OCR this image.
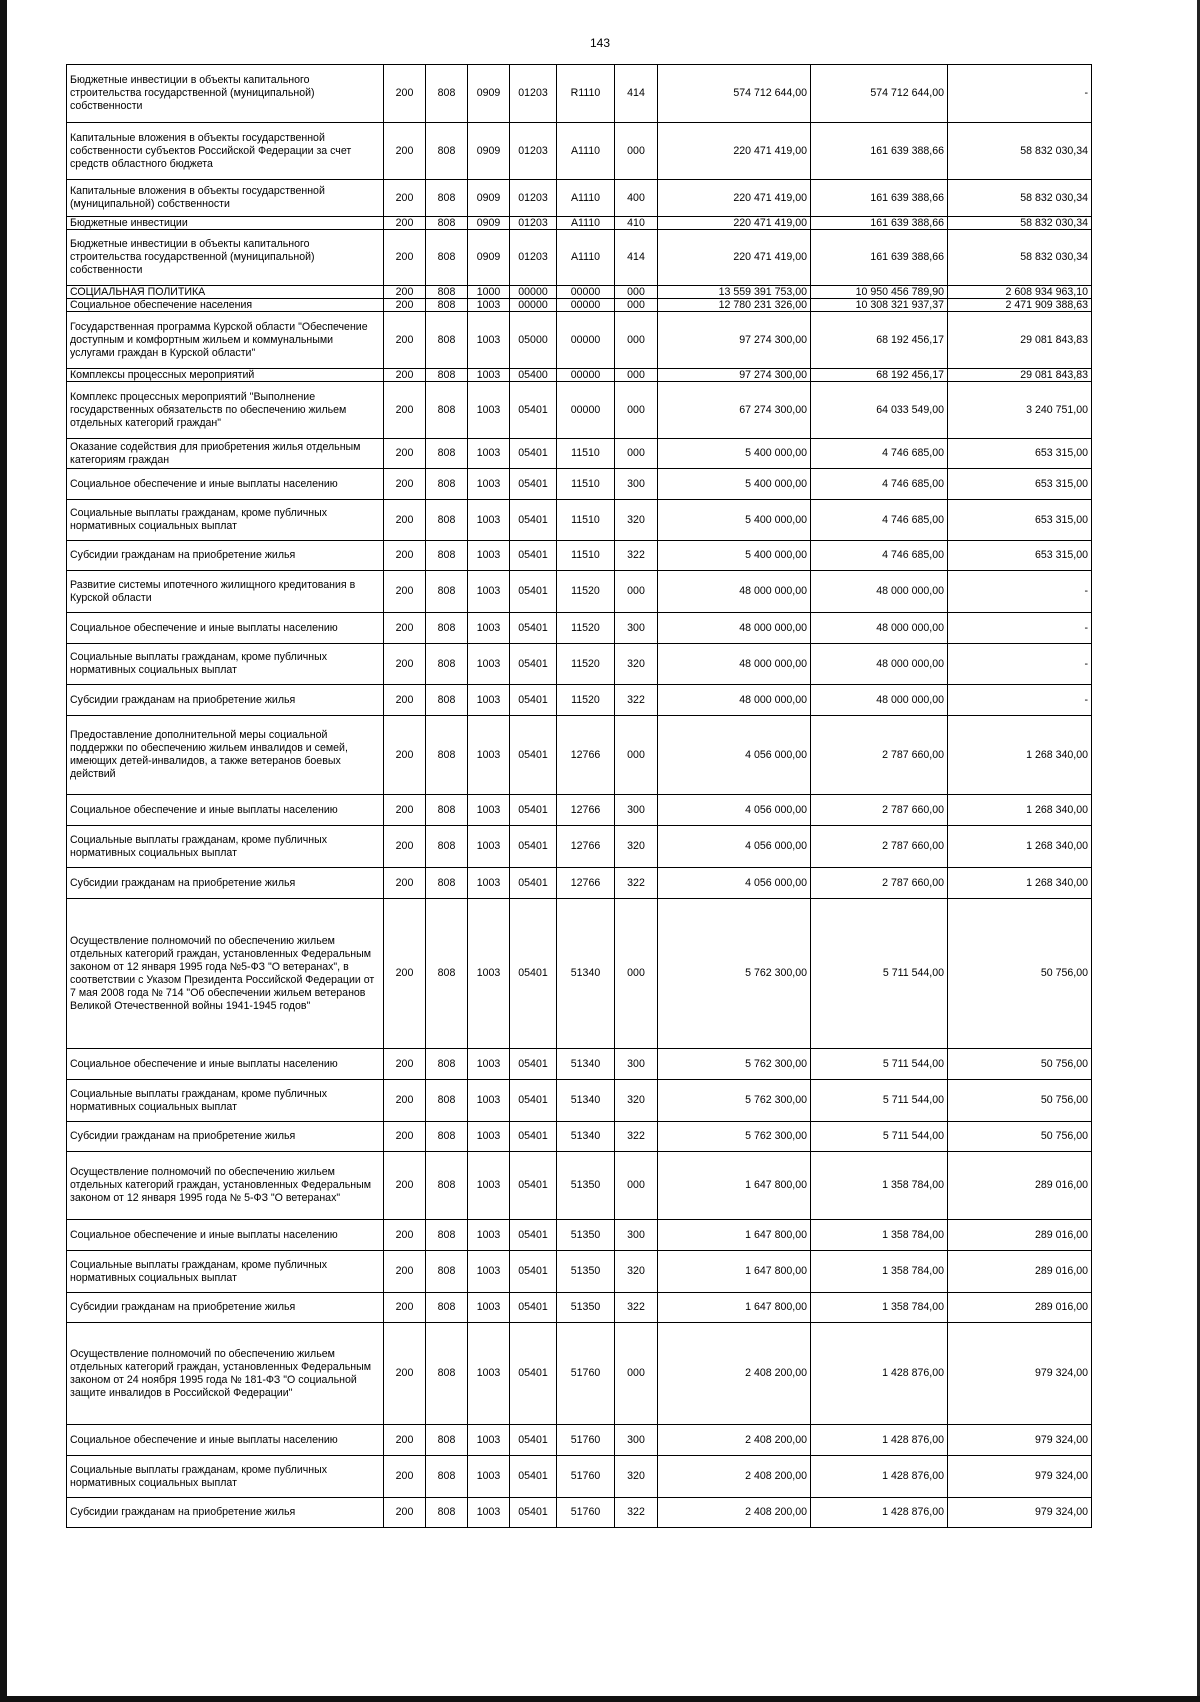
143
Бюджетные инвестиции в объекты капитального строительства государственной (муниципальной) собственности	200	808	0909	01203	R1110	414	574 712 644,00	574 712 644,00	-
Капитальные вложения в объекты государственной собственности субъектов Российской Федерации за счет средств областного бюджета	200	808	0909	01203	А1110	000	220 471 419,00	161 639 388,66	58 832 030,34
Капитальные вложения в объекты государственной (муниципальной) собственности	200	808	0909	01203	А1110	400	220 471 419,00	161 639 388,66	58 832 030,34
Бюджетные инвестиции	200	808	0909	01203	А1110	410	220 471 419,00	161 639 388,66	58 832 030,34
Бюджетные инвестиции в объекты капитального строительства государственной (муниципальной) собственности	200	808	0909	01203	А1110	414	220 471 419,00	161 639 388,66	58 832 030,34
СОЦИАЛЬНАЯ ПОЛИТИКА	200	808	1000	00000	00000	000	13 559 391 753,00	10 950 456 789,90	2 608 934 963,10
Социальное обеспечение населения	200	808	1003	00000	00000	000	12 780 231 326,00	10 308 321 937,37	2 471 909 388,63
Государственная программа Курской области "Обеспечение доступным и комфортным жильем и коммунальными услугами граждан в Курской области"	200	808	1003	05000	00000	000	97 274 300,00	68 192 456,17	29 081 843,83
Комплексы процессных мероприятий	200	808	1003	05400	00000	000	97 274 300,00	68 192 456,17	29 081 843,83
Комплекс процессных мероприятий "Выполнение государственных обязательств по обеспечению жильем отдельных категорий граждан"	200	808	1003	05401	00000	000	67 274 300,00	64 033 549,00	3 240 751,00
Оказание содействия для приобретения жилья отдельным категориям граждан	200	808	1003	05401	11510	000	5 400 000,00	4 746 685,00	653 315,00
Социальное обеспечение и иные выплаты населению	200	808	1003	05401	11510	300	5 400 000,00	4 746 685,00	653 315,00
Социальные выплаты гражданам, кроме публичных нормативных социальных выплат	200	808	1003	05401	11510	320	5 400 000,00	4 746 685,00	653 315,00
Субсидии гражданам на приобретение жилья	200	808	1003	05401	11510	322	5 400 000,00	4 746 685,00	653 315,00
Развитие системы ипотечного жилищного кредитования в Курской области	200	808	1003	05401	11520	000	48 000 000,00	48 000 000,00	-
Социальное обеспечение и иные выплаты населению	200	808	1003	05401	11520	300	48 000 000,00	48 000 000,00	-
Социальные выплаты гражданам, кроме публичных нормативных социальных выплат	200	808	1003	05401	11520	320	48 000 000,00	48 000 000,00	-
Субсидии гражданам на приобретение жилья	200	808	1003	05401	11520	322	48 000 000,00	48 000 000,00	-
Предоставление дополнительной меры социальной поддержки по обеспечению жильем инвалидов и семей, имеющих детей-инвалидов, а также ветеранов боевых действий	200	808	1003	05401	12766	000	4 056 000,00	2 787 660,00	1 268 340,00
Социальное обеспечение и иные выплаты населению	200	808	1003	05401	12766	300	4 056 000,00	2 787 660,00	1 268 340,00
Социальные выплаты гражданам, кроме публичных нормативных социальных выплат	200	808	1003	05401	12766	320	4 056 000,00	2 787 660,00	1 268 340,00
Субсидии гражданам на приобретение жилья	200	808	1003	05401	12766	322	4 056 000,00	2 787 660,00	1 268 340,00
Осуществление полномочий по обеспечению жильем отдельных категорий граждан, установленных Федеральным законом от 12 января 1995 года №5-ФЗ "О ветеранах", в соответствии с Указом Президента Российской Федерации от 7 мая 2008 года № 714 "Об обеспечении жильем ветеранов Великой Отечественной войны 1941-1945 годов"	200	808	1003	05401	51340	000	5 762 300,00	5 711 544,00	50 756,00
Социальное обеспечение и иные выплаты населению	200	808	1003	05401	51340	300	5 762 300,00	5 711 544,00	50 756,00
Социальные выплаты гражданам, кроме публичных нормативных социальных выплат	200	808	1003	05401	51340	320	5 762 300,00	5 711 544,00	50 756,00
Субсидии гражданам на приобретение жилья	200	808	1003	05401	51340	322	5 762 300,00	5 711 544,00	50 756,00
Осуществление полномочий по обеспечению жильем отдельных категорий граждан, установленных Федеральным законом от 12 января 1995 года № 5-ФЗ "О ветеранах"	200	808	1003	05401	51350	000	1 647 800,00	1 358 784,00	289 016,00
Социальное обеспечение и иные выплаты населению	200	808	1003	05401	51350	300	1 647 800,00	1 358 784,00	289 016,00
Социальные выплаты гражданам, кроме публичных нормативных социальных выплат	200	808	1003	05401	51350	320	1 647 800,00	1 358 784,00	289 016,00
Субсидии гражданам на приобретение жилья	200	808	1003	05401	51350	322	1 647 800,00	1 358 784,00	289 016,00
Осуществление полномочий по обеспечению жильем отдельных категорий граждан, установленных Федеральным законом от 24 ноября 1995 года № 181-ФЗ "О социальной защите инвалидов в Российской Федерации"	200	808	1003	05401	51760	000	2 408 200,00	1 428 876,00	979 324,00
Социальное обеспечение и иные выплаты населению	200	808	1003	05401	51760	300	2 408 200,00	1 428 876,00	979 324,00
Социальные выплаты гражданам, кроме публичных нормативных социальных выплат	200	808	1003	05401	51760	320	2 408 200,00	1 428 876,00	979 324,00
Субсидии гражданам на приобретение жилья	200	808	1003	05401	51760	322	2 408 200,00	1 428 876,00	979 324,00
